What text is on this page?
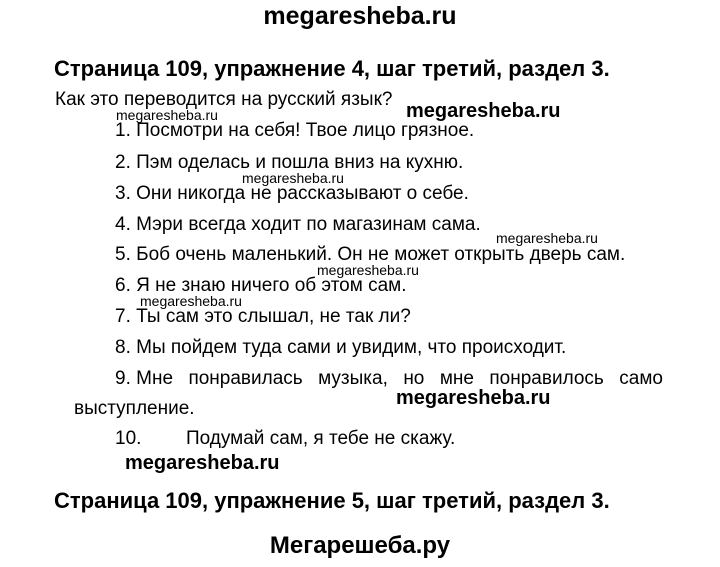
megaresheba.ru
Страница 109, упражнение 4, шаг третий, раздел 3.
Как это переводится на русский язык?
1. Посмотри на себя! Твое лицо грязное.
2. Пэм оделась и пошла вниз на кухню.
3. Они никогда не рассказывают о себе.
4. Мэри всегда ходит по магазинам сама.
5. Боб очень маленький. Он не может открыть дверь сам.
6. Я не знаю ничего об этом сам.
7. Ты сам это слышал, не так ли?
8. Мы пойдем туда сами и увидим, что происходит.
9. Мне понравилась музыка, но мне понравилось само
выступление.
10. Подумай сам, я тебе не скажу.
Страница 109, упражнение 5, шаг третий, раздел 3.
Мегарешеба.ру
megaresheba.ru	megaresheba.ru
megaresheba.ru
megaresheba.ru
megaresheba.ru
megaresheba.ru
megaresheba.ru
megaresheba.ru
